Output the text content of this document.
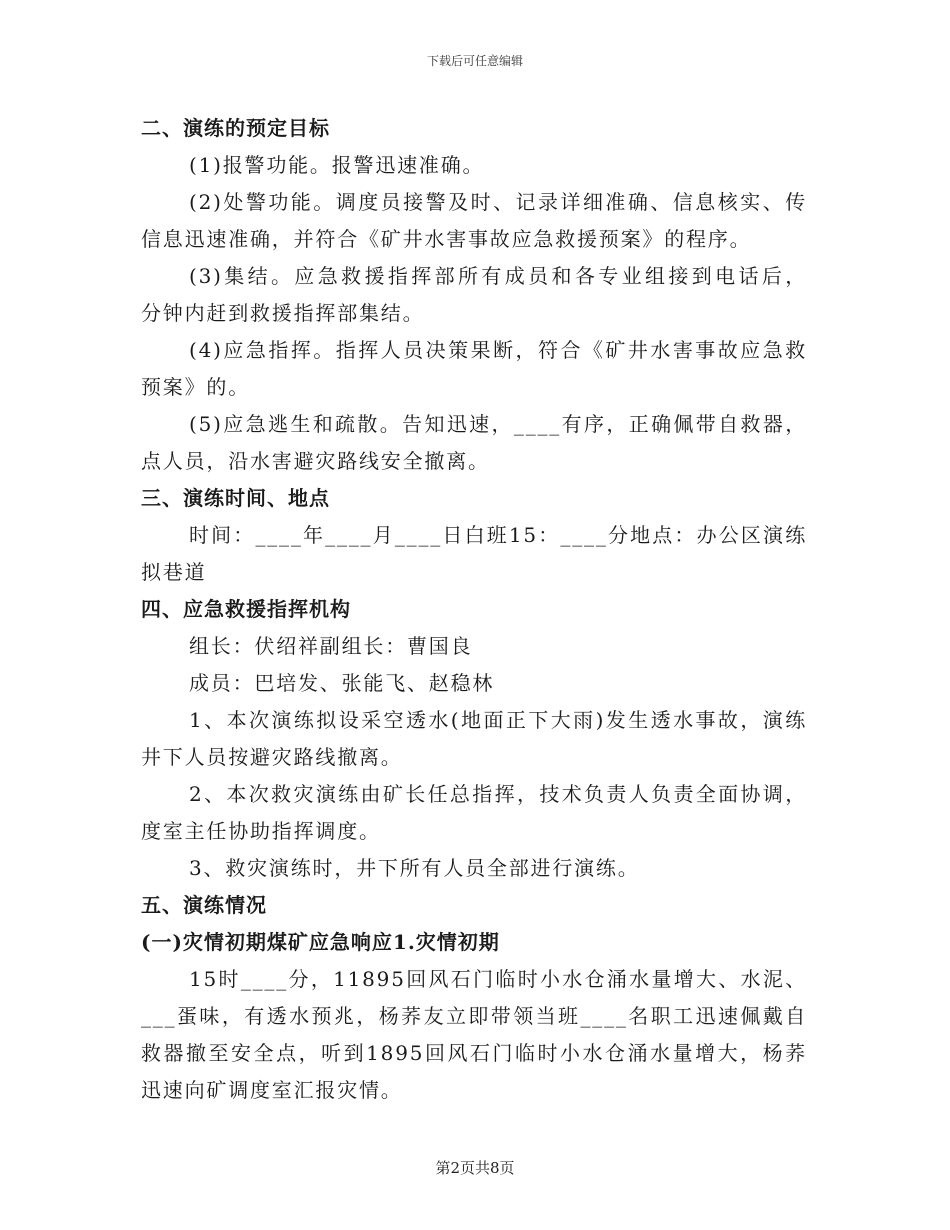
下载后可任意编辑
二、演练的预定目标
(1)报警功能。报警迅速准确。
(2)处警功能。调度员接警及时、记录详细准确、信息核实、传
信息迅速准确，并符合《矿井水害事故应急救援预案》的程序。
(3)集结。应急救援指挥部所有成员和各专业组接到电话后，
分钟内赶到救援指挥部集结。
(4)应急指挥。指挥人员决策果断，符合《矿井水害事故应急救
预案》的。
(5)应急逃生和疏散。告知迅速，____有序，正确佩带自救器，
点人员，沿水害避灾路线安全撤离。
三、演练时间、地点
时间：____年____月____日白班15：____分地点：办公区演练
拟巷道
四、应急救援指挥机构
组长：伏绍祥副组长：曹国良
成员：巴培发、张能飞、赵稳林
1、本次演练拟设采空透水(地面正下大雨)发生透水事故，演练
井下人员按避灾路线撤离。
2、本次救灾演练由矿长任总指挥，技术负责人负责全面协调，
度室主任协助指挥调度。
3、救灾演练时，井下所有人员全部进行演练。
五、演练情况
(一)灾情初期煤矿应急响应1.灾情初期
15时____分，11895回风石门临时小水仓涌水量增大、水泥、
___蛋味，有透水预兆，杨荞友立即带领当班____名职工迅速佩戴自
救器撤至安全点，听到1895回风石门临时小水仓涌水量增大，杨荞
迅速向矿调度室汇报灾情。
第2页共8页
